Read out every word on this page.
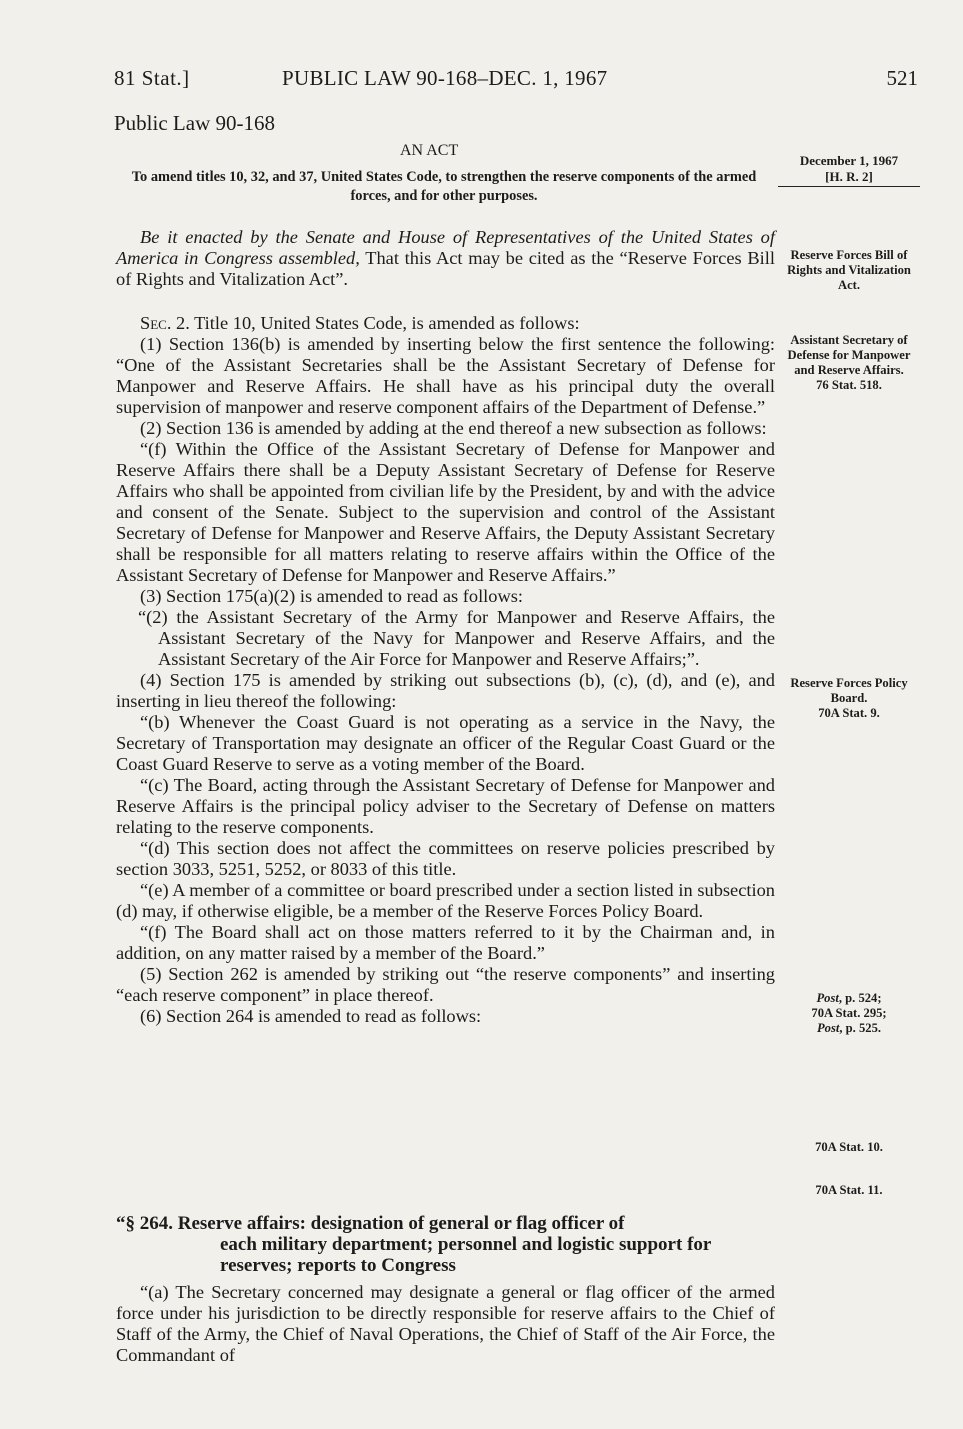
81 Stat.]	PUBLIC LAW 90-168–DEC. 1, 1967	521
Public Law 90-168
AN ACT
To amend titles 10, 32, and 37, United States Code, to strengthen the reserve components of the armed forces, and for other purposes.
December 1, 1967
[H. R. 2]

Be it enacted by the Senate and House of Representatives of the United States of America in Congress assembled, That this Act may be cited as the “Reserve Forces Bill of Rights and Vitalization Act”.

Sec. 2. Title 10, United States Code, is amended as follows:

(1) Section 136(b) is amended by inserting below the first sentence the following: “One of the Assistant Secretaries shall be the Assistant Secretary of Defense for Manpower and Reserve Affairs. He shall have as his principal duty the overall supervision of manpower and reserve component affairs of the Department of Defense.”

(2) Section 136 is amended by adding at the end thereof a new subsection as follows:

“(f) Within the Office of the Assistant Secretary of Defense for Manpower and Reserve Affairs there shall be a Deputy Assistant Secretary of Defense for Reserve Affairs who shall be appointed from civilian life by the President, by and with the advice and consent of the Senate. Subject to the supervision and control of the Assistant Secretary of Defense for Manpower and Reserve Affairs, the Deputy Assistant Secretary shall be responsible for all matters relating to reserve affairs within the Office of the Assistant Secretary of Defense for Manpower and Reserve Affairs.”

(3) Section 175(a)(2) is amended to read as follows:

“(2) the Assistant Secretary of the Army for Manpower and Reserve Affairs, the Assistant Secretary of the Navy for Manpower and Reserve Affairs, and the Assistant Secretary of the Air Force for Manpower and Reserve Affairs;”.

(4) Section 175 is amended by striking out subsections (b), (c), (d), and (e), and inserting in lieu thereof the following:

“(b) Whenever the Coast Guard is not operating as a service in the Navy, the Secretary of Transportation may designate an officer of the Regular Coast Guard or the Coast Guard Reserve to serve as a voting member of the Board.

“(c) The Board, acting through the Assistant Secretary of Defense for Manpower and Reserve Affairs is the principal policy adviser to the Secretary of Defense on matters relating to the reserve components.

“(d) This section does not affect the committees on reserve policies prescribed by section 3033, 5251, 5252, or 8033 of this title.

“(e) A member of a committee or board prescribed under a section listed in subsection (d) may, if otherwise eligible, be a member of the Reserve Forces Policy Board.

“(f) The Board shall act on those matters referred to it by the Chairman and, in addition, on any matter raised by a member of the Board.”

(5) Section 262 is amended by striking out “the reserve components” and inserting “each reserve component” in place thereof.

(6) Section 264 is amended to read as follows:

“§ 264. Reserve affairs: designation of general or flag officer of
each military department; personnel and logistic support for reserves; reports to Congress

“(a) The Secretary concerned may designate a general or flag officer of the armed force under his jurisdiction to be directly responsible for reserve affairs to the Chief of Staff of the Army, the Chief of Naval Operations, the Chief of Staff of the Air Force, the Commandant of

Reserve Forces Bill of Rights and Vitalization Act.
Assistant Secretary of Defense for Manpower and Reserve Affairs.
76 Stat. 518.
Reserve Forces Policy Board.
70A Stat. 9.
Post, p. 524;
70A Stat. 295;
Post, p. 525.
70A Stat. 10.
70A Stat. 11.
